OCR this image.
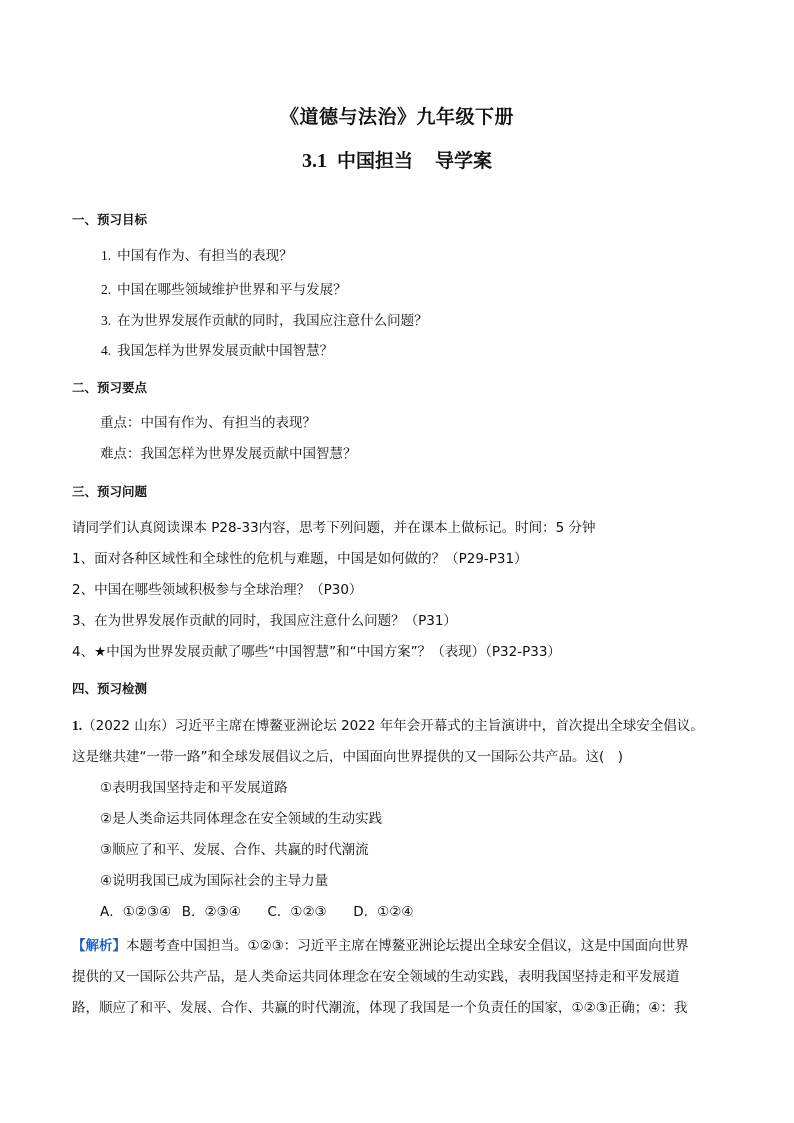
《道德与法治》九年级下册
3.1 中国担当 导学案
一、预习目标
1. 中国有作为、有担当的表现？
2. 中国在哪些领域维护世界和平与发展？
3. 在为世界发展作贡献的同时，我国应注意什么问题？
4. 我国怎样为世界发展贡献中国智慧？
二、预习要点
重点：中国有作为、有担当的表现？
难点：我国怎样为世界发展贡献中国智慧？
三、预习问题
请同学们认真阅读课本 P28-33内容，思考下列问题，并在课本上做标记。时间：5 分钟
1、面对各种区域性和全球性的危机与难题，中国是如何做的？（P29-P31）
2、中国在哪些领域积极参与全球治理？（P30）
3、在为世界发展作贡献的同时，我国应注意什么问题？（P31）
4、★中国为世界发展贡献了哪些“中国智慧”和“中国方案”？（表现）（P32-P33）
四、预习检测
1.（2022 山东）习近平主席在博鳌亚洲论坛 2022 年年会开幕式的主旨演讲中，首次提出全球安全倡议。
这是继共建“一带一路”和全球发展倡议之后，中国面向世界提供的又一国际公共产品。这(　)
①表明我国坚持走和平发展道路
②是人类命运共同体理念在安全领域的生动实践
③顺应了和平、发展、合作、共赢的时代潮流
④说明我国已成为国际社会的主导力量
A．①②③④ B．②③④ C．①②③ D．①②④
【解析】本题考查中国担当。①②③：习近平主席在博鳌亚洲论坛提出全球安全倡议，这是中国面向世界
提供的又一国际公共产品，是人类命运共同体理念在安全领域的生动实践，表明我国坚持走和平发展道
路，顺应了和平、发展、合作、共赢的时代潮流，体现了我国是一个负责任的国家，①②③正确；④：我
